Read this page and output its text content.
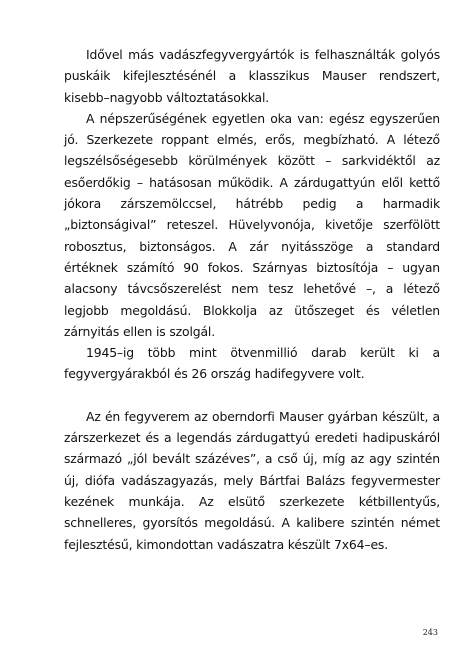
Idővel más vadászfegyvergyártók is felhasználták golyós puskáik kifejlesztésénél a klasszikus Mauser rendszert, kisebb–nagyobb változtatásokkal.

A népszerűségének egyetlen oka van: egész egyszerűen jó. Szerkezete roppant elmés, erős, megbízható. A létező legszélsőségesebb körülmények között – sarkvidéktől az esőerdőkig – hatásosan működik. A zárdugattyún elől kettő jókora zárszemölccsel, hátrébb pedig a harmadik „biztonságival” reteszel. Hüvelyvonója, kivetője szerfölött robosztus, biztonságos. A zár nyitásszöge a standard értéknek számító 90 fokos. Szárnyas biztosítója – ugyan alacsony távcsőszerelést nem tesz lehetővé –, a létező legjobb megoldású. Blokkolja az ütőszeget és véletlen zárnyitás ellen is szolgál.

1945–ig több mint ötvenmillió darab került ki a fegyvergyárakból és 26 ország hadifegyvere volt.

Az én fegyverem az oberndorfi Mauser gyárban készült, a zárszerkezet és a legendás zárdugattyú eredeti hadipuskáról származó „jól bevált százéves”, a cső új, míg az agy szintén új, diófa vadászagyazás, mely Bártfai Balázs fegyvermester kezének munkája. Az elsütő szerkezete kétbillentyűs, schnelleres, gyorsítós megoldású. A kalibere szintén német fejlesztésű, kimondottan vadászatra készült 7x64–es.

243
